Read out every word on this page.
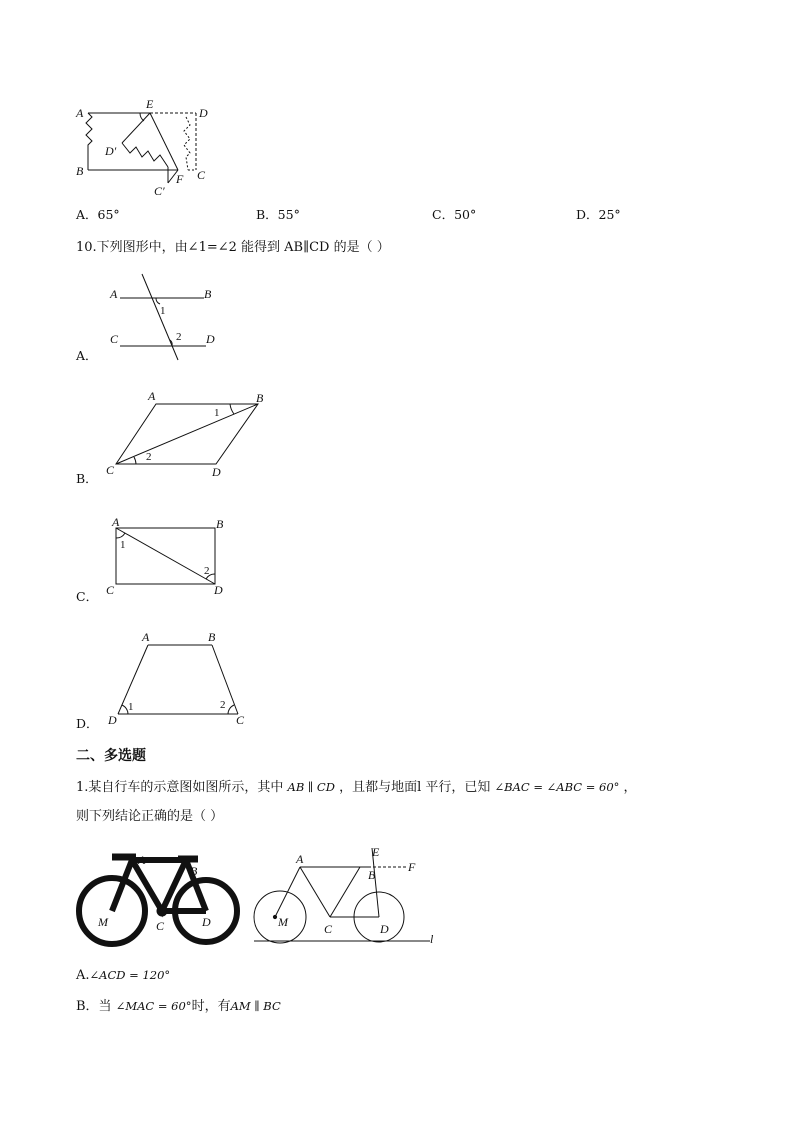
A
E
D
D′
B	C
C′
F
A．65°	B．55°	C．50°	D．25°
10.下列图形中，由∠1=∠2 能得到 AB∥CD 的是（ ）
A	B
C	D
1
2
A．
A	B
C	D
1
2
B．
A	B
C	D
1
2
C．
A	B
D	C
1	2
D．
二、多选题
1.某自行车的示意图如图所示，其中 AB ∥ CD ，且都与地面l 平行，已知 ∠BAC = ∠ABC = 60° ，
则下列结论正确的是（ ）
A
B
M	C	D
A	E
F
B
M	C	D
l
A.∠ACD = 120°
B．当 ∠MAC = 60°时，有AM ∥ BC
